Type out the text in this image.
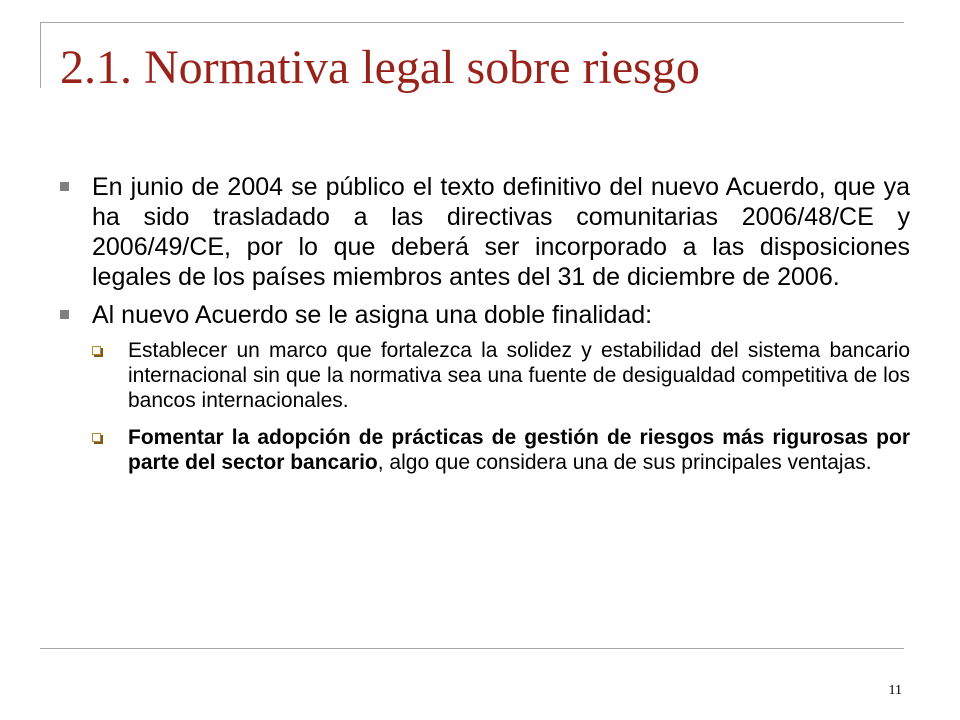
2.1. Normativa legal sobre riesgo
En junio de 2004 se público el texto definitivo del nuevo Acuerdo, que ya ha sido trasladado a las directivas comunitarias 2006/48/CE y 2006/49/CE, por lo que deberá ser incorporado a las disposiciones legales de los países miembros antes del 31 de diciembre de 2006.
Al nuevo Acuerdo se le asigna una doble finalidad:
Establecer un marco que fortalezca la solidez y estabilidad del sistema bancario internacional sin que la normativa sea una fuente de desigualdad competitiva de los bancos internacionales.
Fomentar la adopción de prácticas de gestión de riesgos más rigurosas por parte del sector bancario, algo que considera una de sus principales ventajas.
11
